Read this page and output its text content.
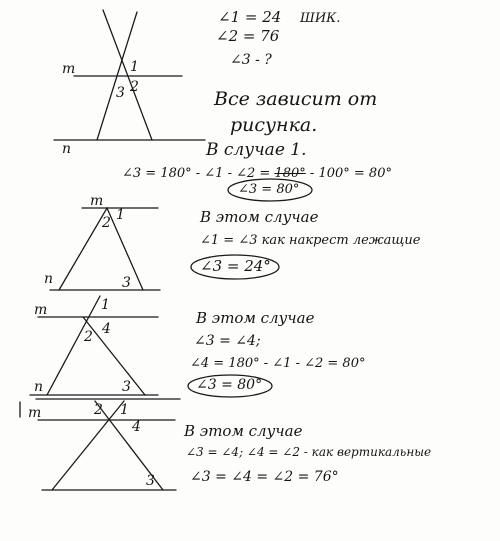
∠1 = 24 ШИК.
∠2 = 76
∠3 - ?
Все зависит от
рисунка.
В случае 1.
∠3 = 180° - ∠1 - ∠2 = 180° - 100° = 80°
∠3 = 80°
В этом случае
∠1 = ∠3 как накрест лежащие
∠3 = 24°
В этом случае
∠3 = ∠4;
∠4 = 180° - ∠1 - ∠2 = 80°
∠3 = 80°
В этом случае
∠3 = ∠4; ∠4 = ∠2 - как вертикальные
∠3 = ∠4 = ∠2 = 76°
m
n
1
2
3
m
n
1
2
3
m
n
1
2
3
4
m	1
2
3
4
